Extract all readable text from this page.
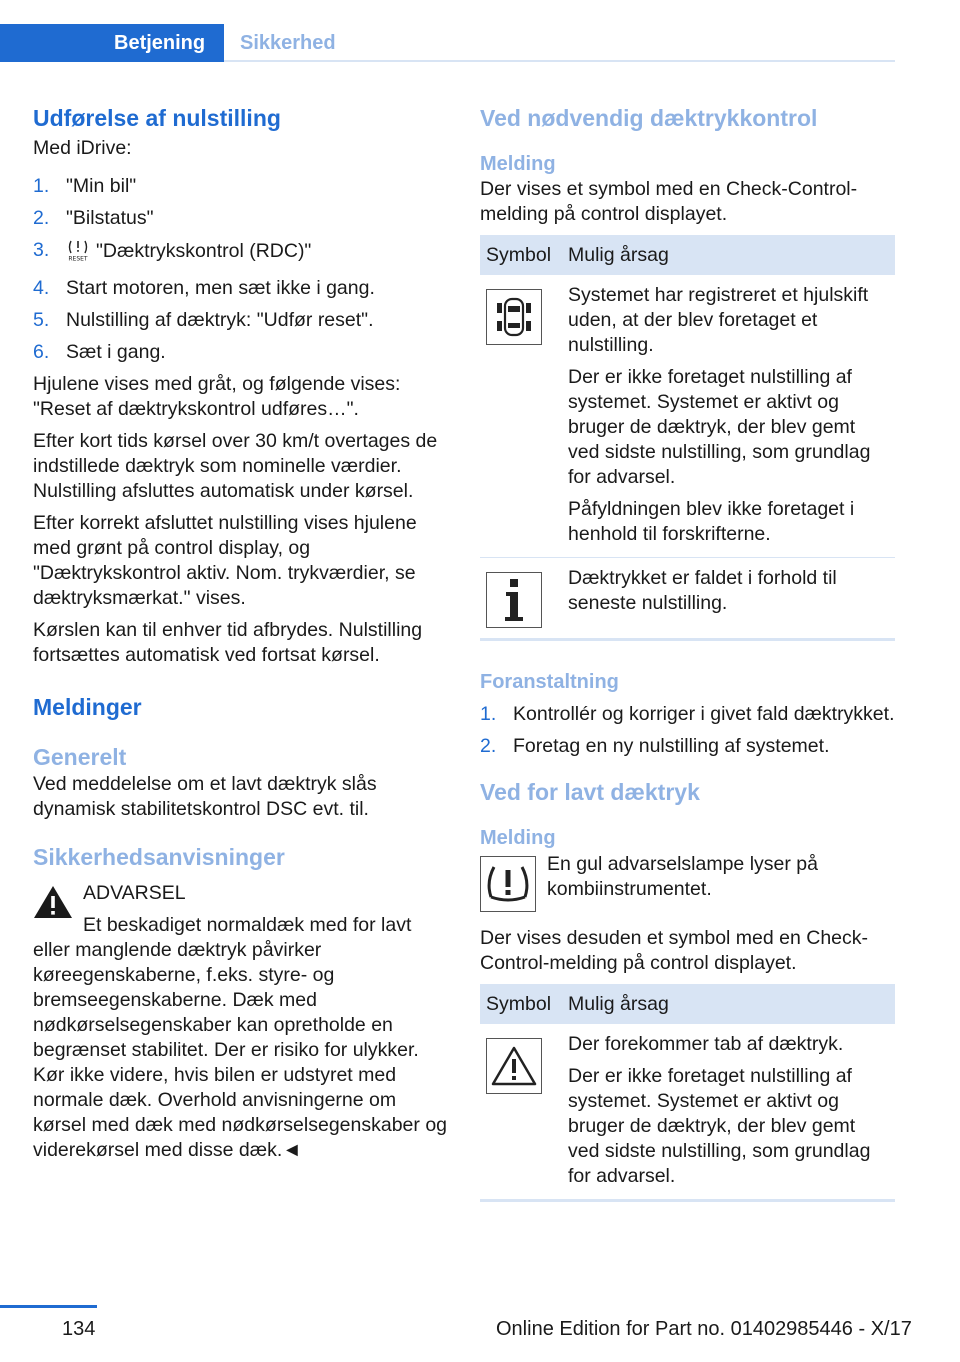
Betjening	Sikkerhed
Udførelse af nulstilling
Med iDrive:
1. "Min bil"
2. "Bilstatus"
3.	RESET "Dæktrykskontrol (RDC)"
4. Start motoren, men sæt ikke i gang.
5. Nulstilling af dæktryk: "Udfør reset".
6. Sæt i gang.

Hjulene vises med gråt, og følgende vises: "Reset af dæktrykskontrol udføres…".

Efter kort tids kørsel over 30 km/t overtages de indstillede dæktryk som nominelle værdier. Nulstilling afsluttes automatisk under kørsel.

Efter korrekt afsluttet nulstilling vises hjulene med grønt på control display, og "Dæktrykskontrol aktiv. Nom. trykværdier, se dæktryksmærkat." vises.

Kørslen kan til enhver tid afbrydes. Nulstilling fortsættes automatisk ved fortsat kørsel.

Meldinger
Generelt

Ved meddelelse om et lavt dæktryk slås dynamisk stabilitetskontrol DSC evt. til.

Sikkerhedsanvisninger
ADVARSEL
Et beskadiget normaldæk med for lavt eller manglende dæktryk påvirker køreegenskaberne, f.eks. styre- og bremseegenskaberne. Dæk med nødkørselsegenskaber kan opretholde en begrænset stabilitet. Der er risiko for ulykker. Kør ikke videre, hvis bilen er udstyret med normale dæk. Overhold anvisningerne om kørsel med dæk med nødkørselsegenskaber og viderekørsel med disse dæk.◄
Ved nødvendig dæktrykkontrol
Melding

Der vises et symbol med en Check-Control-melding på control displayet.

Symbol	Mulig årsag

Systemet har registreret et hjulskift uden, at der blev foretaget et nulstilling.

Der er ikke foretaget nulstilling af systemet. Systemet er aktivt og bruger de dæktryk, der blev gemt ved sidste nulstilling, som grundlag for advarsel.

Påfyldningen blev ikke foretaget i henhold til forskrifterne.

Dæktrykket er faldet i forhold til seneste nulstilling.

Foranstaltning
1. Kontrollér og korriger i givet fald dæktrykket.
2. Foretag en ny nulstilling af systemet.
Ved for lavt dæktryk
Melding

En gul advarselslampe lyser på kombiinstrumentet.

Der vises desuden et symbol med en Check-Control-melding på control displayet.

Symbol	Mulig årsag

Der forekommer tab af dæktryk.

Der er ikke foretaget nulstilling af systemet. Systemet er aktivt og bruger de dæktryk, der blev gemt ved sidste nulstilling, som grundlag for advarsel.

134	Online Edition for Part no. 01402985446 - X/17
